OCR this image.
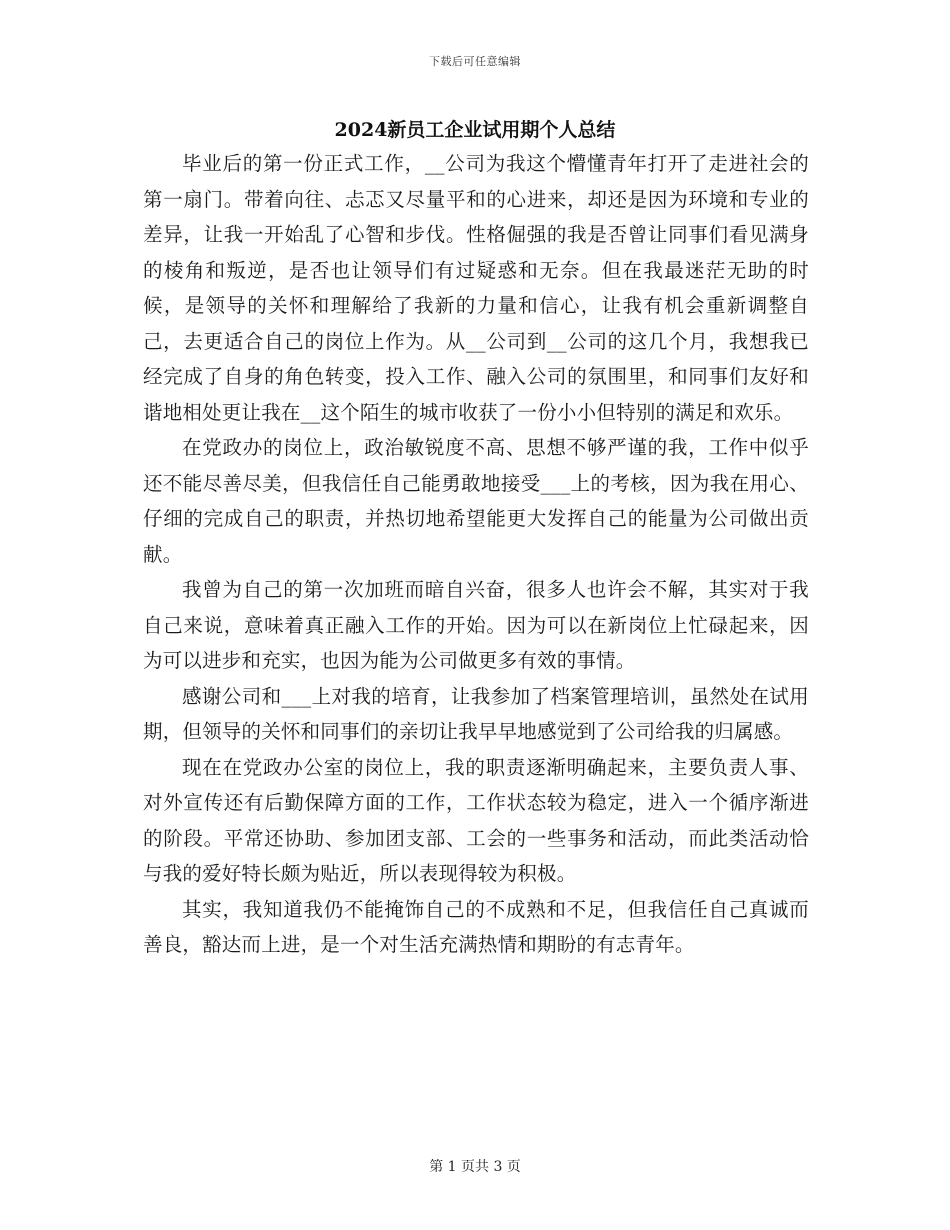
下载后可任意编辑
2024新员工企业试用期个人总结

毕业后的第一份正式工作，__公司为我这个懵懂青年打开了走进社会的第一扇门。带着向往、忐忑又尽量平和的心进来，却还是因为环境和专业的差异，让我一开始乱了心智和步伐。性格倔强的我是否曾让同事们看见满身的棱角和叛逆，是否也让领导们有过疑惑和无奈。但在我最迷茫无助的时候，是领导的关怀和理解给了我新的力量和信心，让我有机会重新调整自己，去更适合自己的岗位上作为。从__公司到__公司的这几个月，我想我已经完成了自身的角色转变，投入工作、融入公司的氛围里，和同事们友好和谐地相处更让我在__这个陌生的城市收获了一份小小但特别的满足和欢乐。

在党政办的岗位上，政治敏锐度不高、思想不够严谨的我，工作中似乎还不能尽善尽美，但我信任自己能勇敢地接受___上的考核，因为我在用心、仔细的完成自己的职责，并热切地希望能更大发挥自己的能量为公司做出贡献。

我曾为自己的第一次加班而暗自兴奋，很多人也许会不解，其实对于我自己来说，意味着真正融入工作的开始。因为可以在新岗位上忙碌起来，因为可以进步和充实，也因为能为公司做更多有效的事情。

感谢公司和___上对我的培育，让我参加了档案管理培训，虽然处在试用期，但领导的关怀和同事们的亲切让我早早地感觉到了公司给我的归属感。

现在在党政办公室的岗位上，我的职责逐渐明确起来，主要负责人事、对外宣传还有后勤保障方面的工作，工作状态较为稳定，进入一个循序渐进的阶段。平常还协助、参加团支部、工会的一些事务和活动，而此类活动恰与我的爱好特长颇为贴近，所以表现得较为积极。

其实，我知道我仍不能掩饰自己的不成熟和不足，但我信任自己真诚而善良，豁达而上进，是一个对生活充满热情和期盼的有志青年。

第 1 页共 3 页
